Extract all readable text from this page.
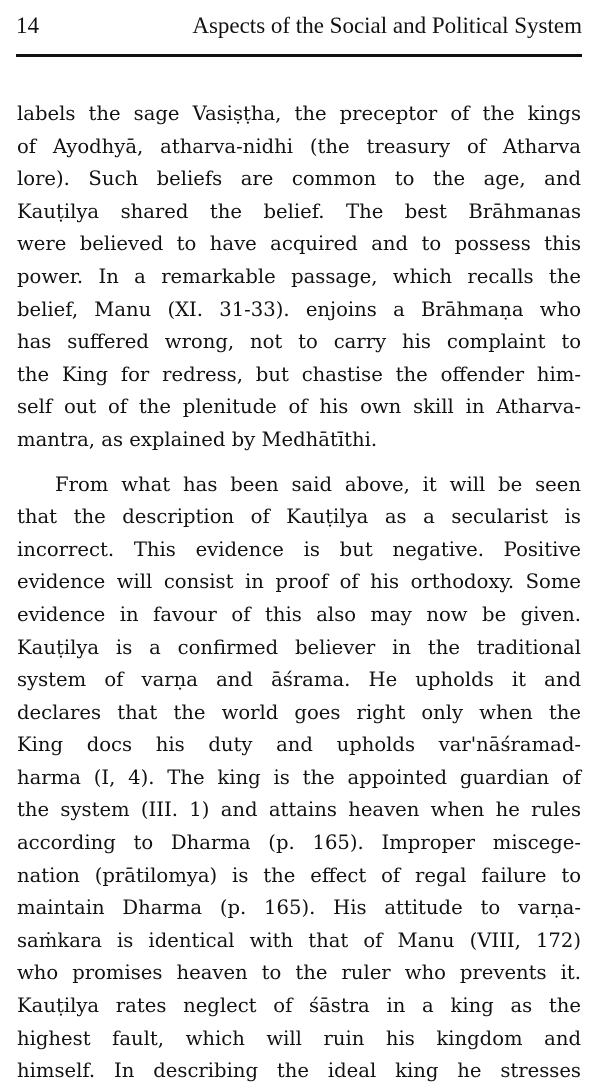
14	Aspects of the Social and Political System
labels the sage Vasiṣṭha, the preceptor of the kings
of Ayodhyā, atharva-nidhi (the treasury of Atharva
lore). Such beliefs are common to the age, and
Kauṭilya shared the belief. The best Brāhmanas
were believed to have acquired and to possess this
power. In a remarkable passage, which recalls the
belief, Manu (XI. 31-33). enjoins a Brāhmaṇa who
has suffered wrong, not to carry his complaint to
the King for redress, but chastise the offender him-
self out of the plenitude of his own skill in Atharva-
mantra, as explained by Medhātīthi.
From what has been said above, it will be seen
that the description of Kauṭilya as a secularist is
incorrect. This evidence is but negative. Positive
evidence will consist in proof of his orthodoxy. Some
evidence in favour of this also may now be given.
Kauṭilya is a confirmed believer in the traditional
system of varṇa and āśrama. He upholds it and
declares that the world goes right only when the
King docs his duty and upholds var'nāśramad-
harma (I, 4). The king is the appointed guardian of
the system (III. 1) and attains heaven when he rules
according to Dharma (p. 165). Improper miscege-
nation (prātilomya) is the effect of regal failure to
maintain Dharma (p. 165). His attitude to varṇa-
saṁkara is identical with that of Manu (VIII, 172)
who promises heaven to the ruler who prevents it.
Kauṭilya rates neglect of śāstra in a king as the
highest fault, which will ruin his kingdom and
himself. In describing the ideal king he stresses
